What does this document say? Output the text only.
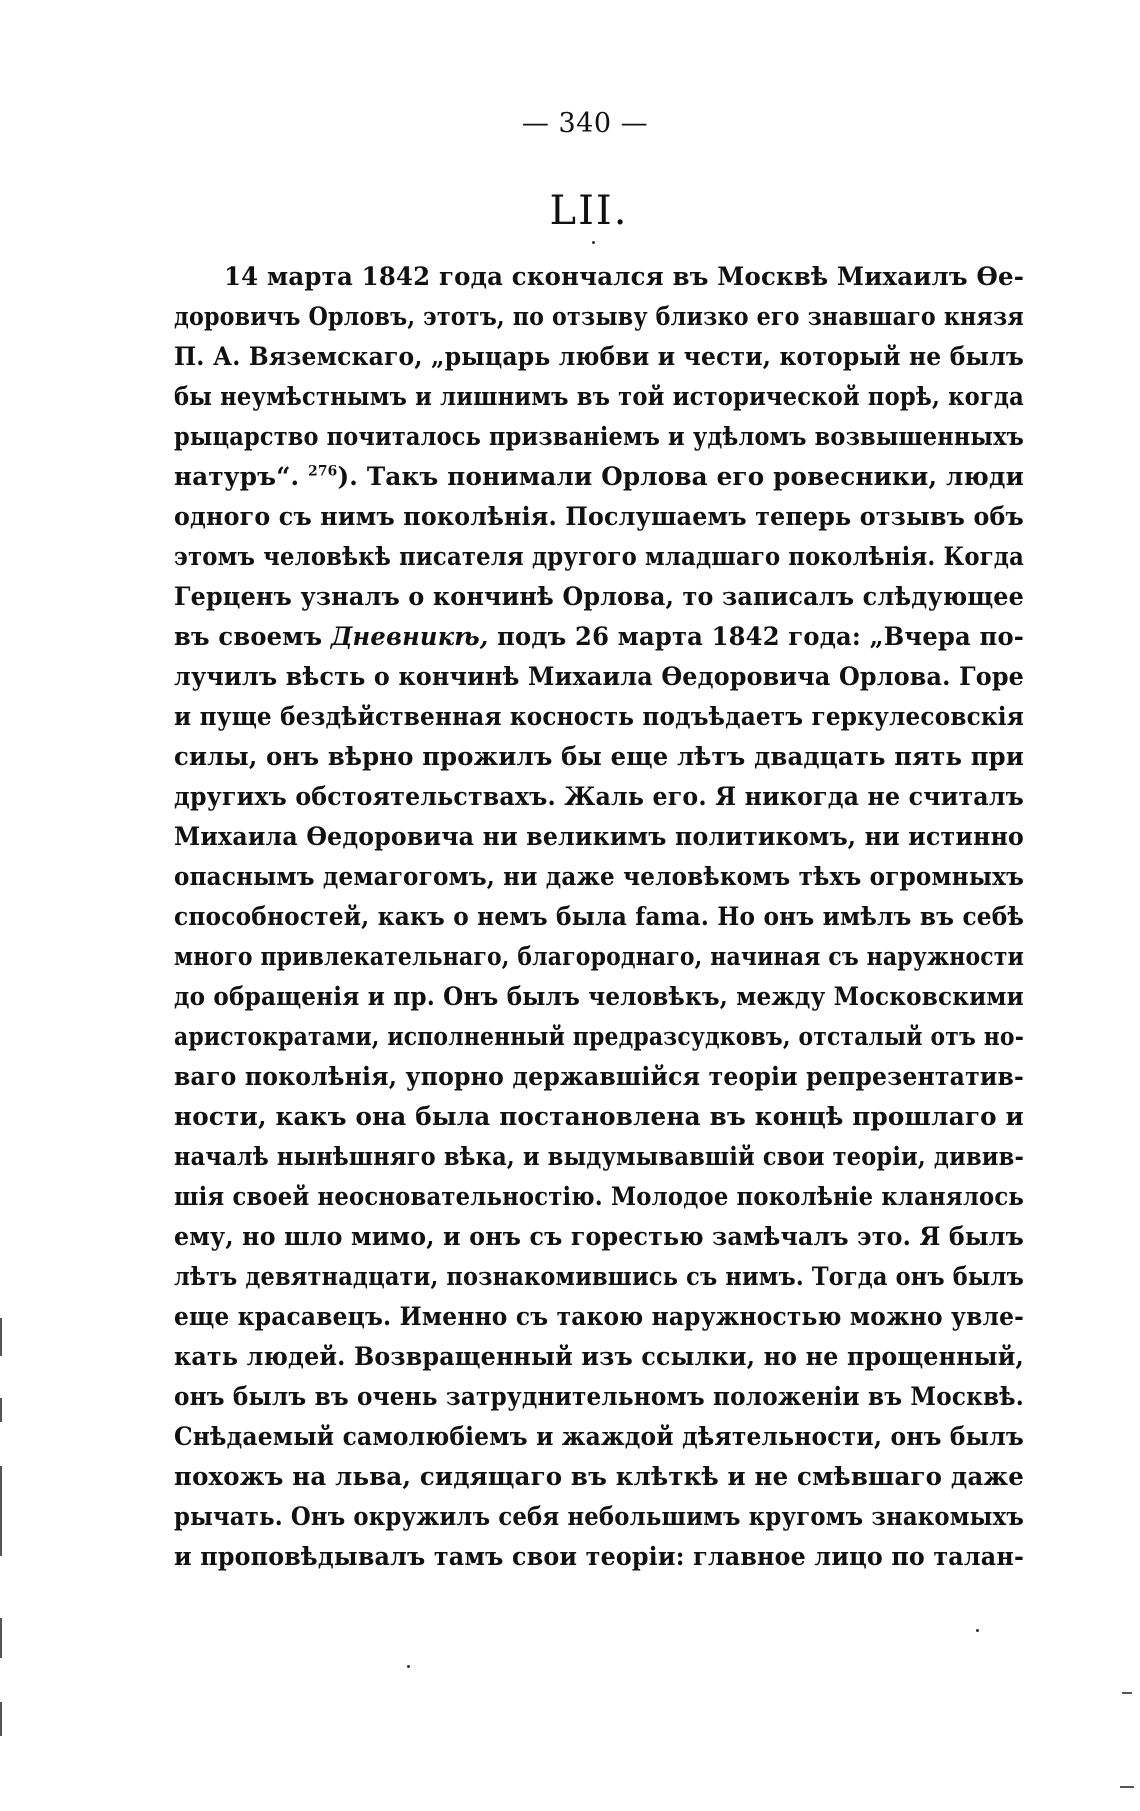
— 340 —
LII.
14 марта 1842 года скончался въ Москвѣ Михаилъ Ѳе-
доровичъ Орловъ, этотъ, по отзыву близко его знавшаго князя
П. А. Вяземскаго, „рыцарь любви и чести, который не былъ
бы неумѣстнымъ и лишнимъ въ той исторической порѣ, когда
рыцарство почиталось призваніемъ и удѣломъ возвышенныхъ
натуръ“. $^{276}$). Такъ понимали Орлова его ровесники, люди
одного съ нимъ поколѣнія. Послушаемъ теперь отзывъ объ
этомъ человѣкѣ писателя другого младшаго поколѣнія. Когда
Герценъ узналъ о кончинѣ Орлова, то записалъ слѣдующее
въ своемъ Дневникѣ, подъ 26 марта 1842 года: „Вчера по-
лучилъ вѣсть о кончинѣ Михаила Ѳедоровича Орлова. Горе
и пуще бездѣйственная косность подъѣдаетъ геркулесовскія
силы, онъ вѣрно прожилъ бы еще лѣтъ двадцать пять при
другихъ обстоятельствахъ. Жаль его. Я никогда не считалъ
Михаила Ѳедоровича ни великимъ политикомъ, ни истинно
опаснымъ демагогомъ, ни даже человѣкомъ тѣхъ огромныхъ
способностей, какъ о немъ была fama. Но онъ имѣлъ въ себѣ
много привлекательнаго, благороднаго, начиная съ наружности
до обращенія и пр. Онъ былъ человѣкъ, между Московскими
аристократами, исполненный предразсудковъ, отсталый отъ но-
ваго поколѣнія, упорно державшійся теоріи репрезентатив-
ности, какъ она была постановлена въ концѣ прошлаго и
началѣ нынѣшняго вѣка, и выдумывавшій свои теоріи, дивив-
шія своей неосновательностію. Молодое поколѣніе кланялось
ему, но шло мимо, и онъ съ горестью замѣчалъ это. Я былъ
лѣтъ девятнадцати, познакомившись съ нимъ. Тогда онъ былъ
еще красавецъ. Именно съ такою наружностью можно увле-
кать людей. Возвращенный изъ ссылки, но не прощенный,
онъ былъ въ очень затруднительномъ положеніи въ Москвѣ.
Снѣдаемый самолюбіемъ и жаждой дѣятельности, онъ былъ
похожъ на льва, сидящаго въ клѣткѣ и не смѣвшаго даже
рычать. Онъ окружилъ себя небольшимъ кругомъ знакомыхъ
и проповѣдывалъ тамъ свои теоріи: главное лицо по талан-
